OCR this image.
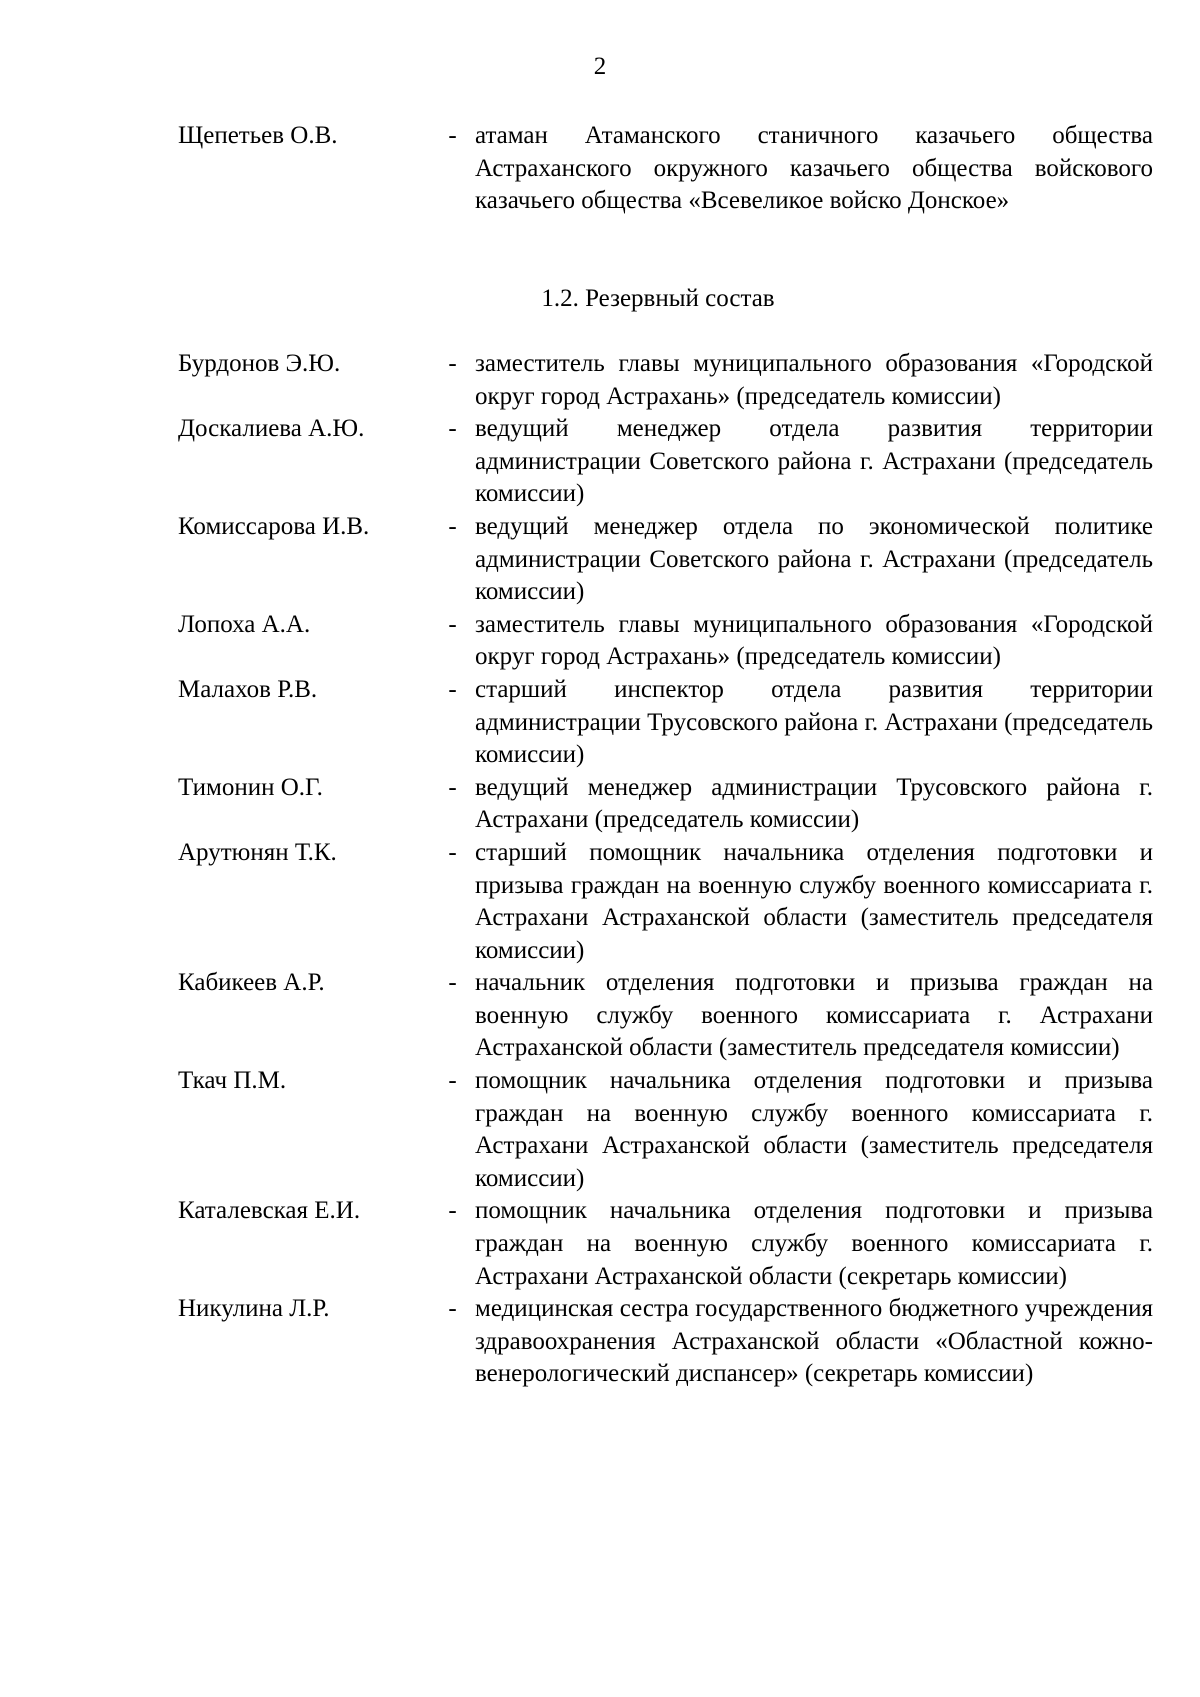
2
Щепетьев О.В.	- атаман Атаманского станичного казачьего общества Астраханского окружного казачьего общества войскового казачьего общества «Всевеликое войско Донское»
1.2. Резервный состав
Бурдонов Э.Ю.	- заместитель главы муниципального образования «Городской округ город Астрахань» (председатель комиссии)
Доскалиева А.Ю.	- ведущий менеджер отдела развития территории администрации Советского района г. Астрахани (председатель комиссии)
Комиссарова И.В.	- ведущий менеджер отдела по экономической политике администрации Советского района г. Астрахани (председатель комиссии)
Лопоха А.А.	- заместитель главы муниципального образования «Городской округ город Астрахань» (председатель комиссии)
Малахов Р.В.	- старший инспектор отдела развития территории администрации Трусовского района г. Астрахани (председатель комиссии)
Тимонин О.Г.	- ведущий менеджер администрации Трусовского района г. Астрахани (председатель комиссии)
Арутюнян Т.К.	- старший помощник начальника отделения подготовки и призыва граждан на военную службу военного комиссариата г. Астрахани Астраханской области (заместитель председателя комиссии)
Кабикеев А.Р.	- начальник отделения подготовки и призыва граждан на военную службу военного комиссариата г. Астрахани Астраханской области (заместитель председателя комиссии)
Ткач П.М.	- помощник начальника отделения подготовки и призыва граждан на военную службу военного комиссариата г. Астрахани Астраханской области (заместитель председателя комиссии)
Каталевская Е.И.	- помощник начальника отделения подготовки и призыва граждан на военную службу военного комиссариата г. Астрахани Астраханской области (секретарь комиссии)
Никулина Л.Р.	- медицинская сестра государственного бюджетного учреждения здравоохранения Астраханской области «Областной кожно-венерологический диспансер» (секретарь комиссии)
